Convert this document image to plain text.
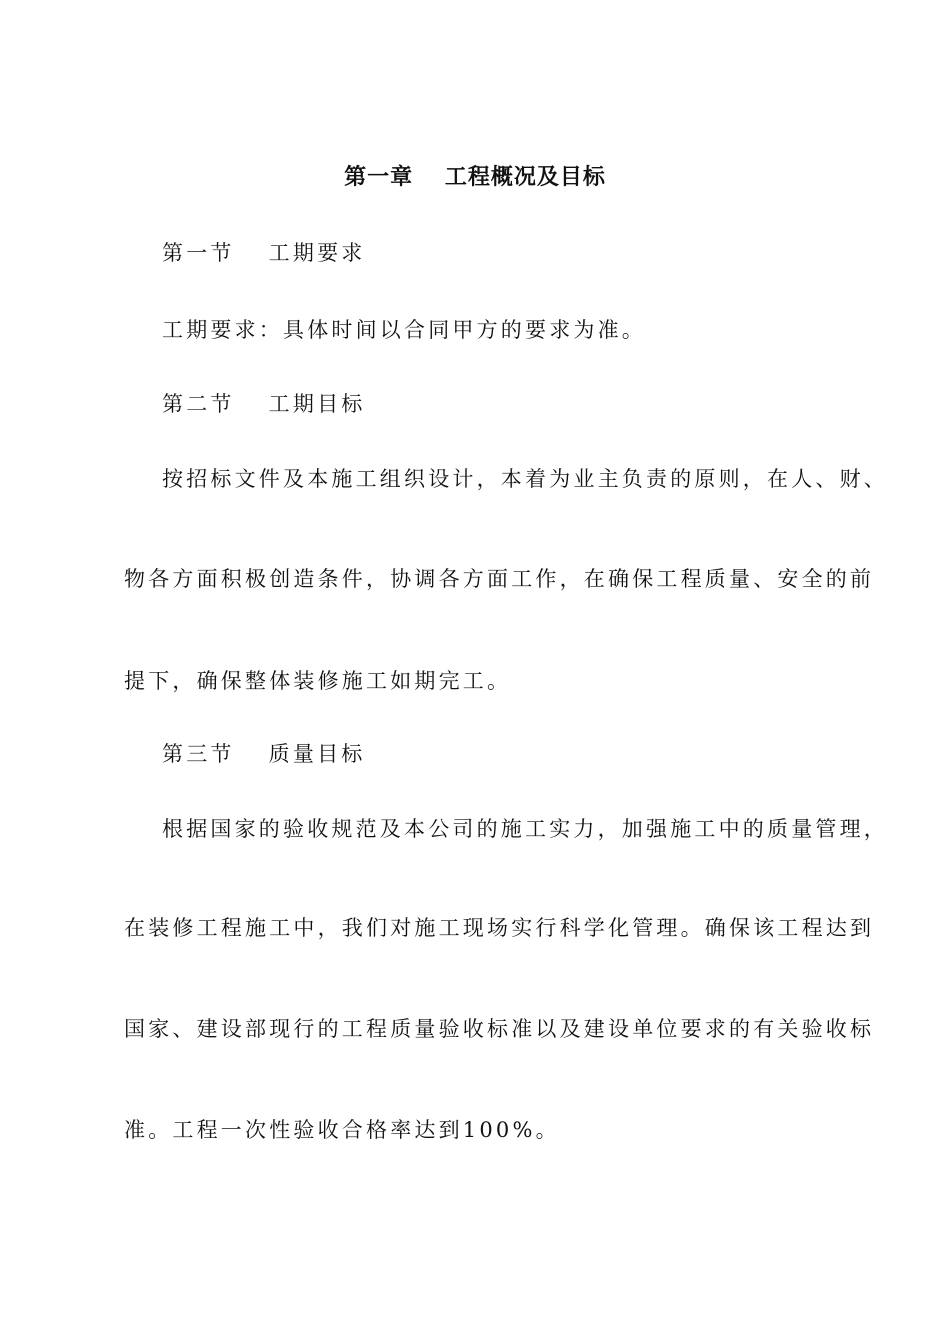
第一章　 工程概况及目标
第一节　 工期要求
工期要求：具体时间以合同甲方的要求为准。
第二节　 工期目标
按招标文件及本施工组织设计，本着为业主负责的原则，在人、财、
物各方面积极创造条件，协调各方面工作，在确保工程质量、安全的前
提下，确保整体装修施工如期完工。
第三节　 质量目标
根据国家的验收规范及本公司的施工实力，加强施工中的质量管理，
在装修工程施工中，我们对施工现场实行科学化管理。确保该工程达到
国家、建设部现行的工程质量验收标准以及建设单位要求的有关验收标
准。工程一次性验收合格率达到100%。
